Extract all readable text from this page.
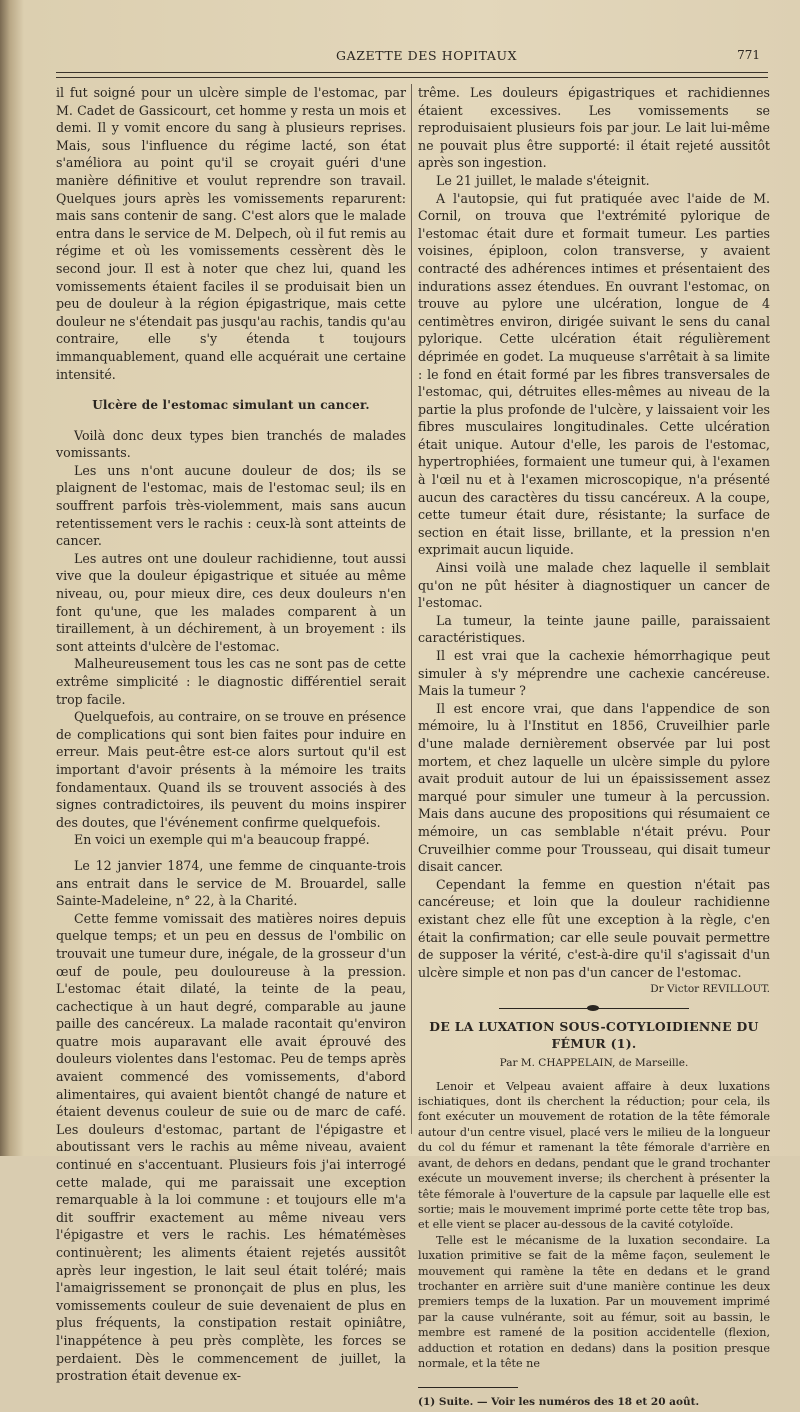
GAZETTE DES HOPITAUX	771

il fut soigné pour un ulcère simple de l'estomac, par M. Cadet de Gassicourt, cet homme y resta un mois et demi. Il y vomit encore du sang à plusieurs reprises. Mais, sous l'influence du régime lacté, son état s'améliora au point qu'il se croyait guéri d'une manière définitive et voulut reprendre son travail. Quelques jours après les vomissements reparurent: mais sans contenir de sang. C'est alors que le malade entra dans le service de M. Delpech, où il fut remis au régime et où les vomissements cessèrent dès le second jour. Il est à noter que chez lui, quand les vomissements étaient faciles il se produisait bien un peu de douleur à la région épigastrique, mais cette douleur ne s'étendait pas jusqu'au rachis, tandis qu'au contraire, elle s'y étenda t toujours immanquablement, quand elle acquérait une certaine intensité.

Ulcère de l'estomac simulant un cancer.

Voilà donc deux types bien tranchés de malades vomissants.

Les uns n'ont aucune douleur de dos; ils se plaignent de l'estomac, mais de l'estomac seul; ils en souffrent parfois très-violemment, mais sans aucun retentissement vers le rachis : ceux-là sont atteints de cancer.

Les autres ont une douleur rachidienne, tout aussi vive que la douleur épigastrique et située au même niveau, ou, pour mieux dire, ces deux douleurs n'en font qu'une, que les malades comparent à un tiraillement, à un déchirement, à un broyement : ils sont atteints d'ulcère de l'estomac.

Malheureusement tous les cas ne sont pas de cette extrême simplicité : le diagnostic différentiel serait trop facile.

Quelquefois, au contraire, on se trouve en présence de complications qui sont bien faites pour induire en erreur. Mais peut-être est-ce alors surtout qu'il est important d'avoir présents à la mémoire les traits fondamentaux. Quand ils se trouvent associés à des signes contradictoires, ils peuvent du moins inspirer des doutes, que l'événement confirme quelquefois.

En voici un exemple qui m'a beaucoup frappé.

Le 12 janvier 1874, une femme de cinquante-trois ans entrait dans le service de M. Brouardel, salle Sainte-Madeleine, n° 22, à la Charité.

Cette femme vomissait des matières noires depuis quelque temps; et un peu en dessus de l'ombilic on trouvait une tumeur dure, inégale, de la grosseur d'un œuf de poule, peu douloureuse à la pression. L'estomac était dilaté, la teinte de la peau, cachectique à un haut degré, comparable au jaune paille des cancéreux. La malade racontait qu'environ quatre mois auparavant elle avait éprouvé des douleurs violentes dans l'estomac. Peu de temps après avaient commencé des vomissements, d'abord alimentaires, qui avaient bientôt changé de nature et étaient devenus couleur de suie ou de marc de café. Les douleurs d'estomac, partant de l'épigastre et aboutissant vers le rachis au même niveau, avaient continué en s'accentuant. Plusieurs fois j'ai interrogé cette malade, qui me paraissait une exception remarquable à la loi commune : et toujours elle m'a dit souffrir exactement au même niveau vers l'épigastre et vers le rachis. Les hématémèses continuèrent; les aliments étaient rejetés aussitôt après leur ingestion, le lait seul était toléré; mais l'amaigrissement se prononçait de plus en plus, les vomissements couleur de suie devenaient de plus en plus fréquents, la constipation restait opiniâtre, l'inappétence à peu près complète, les forces se perdaient. Dès le commencement de juillet, la prostration était devenue ex-

trême. Les douleurs épigastriques et rachidiennes étaient excessives. Les vomissements se reproduisaient plusieurs fois par jour. Le lait lui-même ne pouvait plus être supporté: il était rejeté aussitôt après son ingestion.

Le 21 juillet, le malade s'éteignit.

A l'autopsie, qui fut pratiquée avec l'aide de M. Cornil, on trouva que l'extrémité pylorique de l'estomac était dure et formait tumeur. Les parties voisines, épiploon, colon transverse, y avaient contracté des adhérences intimes et présentaient des indurations assez étendues. En ouvrant l'estomac, on trouve au pylore une ulcération, longue de 4 centimètres environ, dirigée suivant le sens du canal pylorique. Cette ulcération était régulièrement déprimée en godet. La muqueuse s'arrêtait à sa limite : le fond en était formé par les fibres transversales de l'estomac, qui, détruites elles-mêmes au niveau de la partie la plus profonde de l'ulcère, y laissaient voir les fibres musculaires longitudinales. Cette ulcération était unique. Autour d'elle, les parois de l'estomac, hypertrophiées, formaient une tumeur qui, à l'examen à l'œil nu et à l'examen microscopique, n'a présenté aucun des caractères du tissu cancéreux. A la coupe, cette tumeur était dure, résistante; la surface de section en était lisse, brillante, et la pression n'en exprimait aucun liquide.

Ainsi voilà une malade chez laquelle il semblait qu'on ne pût hésiter à diagnostiquer un cancer de l'estomac.

La tumeur, la teinte jaune paille, paraissaient caractéristiques.

Il est vrai que la cachexie hémorrhagique peut simuler à s'y méprendre une cachexie cancéreuse. Mais la tumeur ?

Il est encore vrai, que dans l'appendice de son mémoire, lu à l'Institut en 1856, Cruveilhier parle d'une malade dernièrement observée par lui post mortem, et chez laquelle un ulcère simple du pylore avait produit autour de lui un épaississement assez marqué pour simuler une tumeur à la percussion. Mais dans aucune des propositions qui résumaient ce mémoire, un cas semblable n'était prévu. Pour Cruveilhier comme pour Trousseau, qui disait tumeur disait cancer.

Cependant la femme en question n'était pas cancéreuse; et loin que la douleur rachidienne existant chez elle fût une exception à la règle, c'en était la confirmation; car elle seule pouvait permettre de supposer la vérité, c'est-à-dire qu'il s'agissait d'un ulcère simple et non pas d'un cancer de l'estomac.

Dr Victor REVILLOUT.

DE LA LUXATION SOUS-COTYLOIDIENNE DU FÉMUR (1).

Par M. CHAPPELAIN, de Marseille.

Lenoir et Velpeau avaient affaire à deux luxations ischiatiques, dont ils cherchent la réduction; pour cela, ils font exécuter un mouvement de rotation de la tête fémorale autour d'un centre visuel, placé vers le milieu de la longueur du col du fémur et ramenant la tête fémorale d'arrière en avant, de dehors en dedans, pendant que le grand trochanter exécute un mouvement inverse; ils cherchent à présenter la tête fémorale à l'ouverture de la capsule par laquelle elle est sortie; mais le mouvement imprimé porte cette tête trop bas, et elle vient se placer au-dessous de la cavité cotyloïde.

Telle est le mécanisme de la luxation secondaire. La luxation primitive se fait de la même façon, seulement le mouvement qui ramène la tête en dedans et le grand trochanter en arrière suit d'une manière continue les deux premiers temps de la luxation. Par un mouvement imprimé par la cause vulnérante, soit au fémur, soit au bassin, le membre est ramené de la position accidentelle (flexion, adduction et rotation en dedans) dans la position presque normale, et la tête ne

(1) Suite. — Voir les numéros des 18 et 20 août.
